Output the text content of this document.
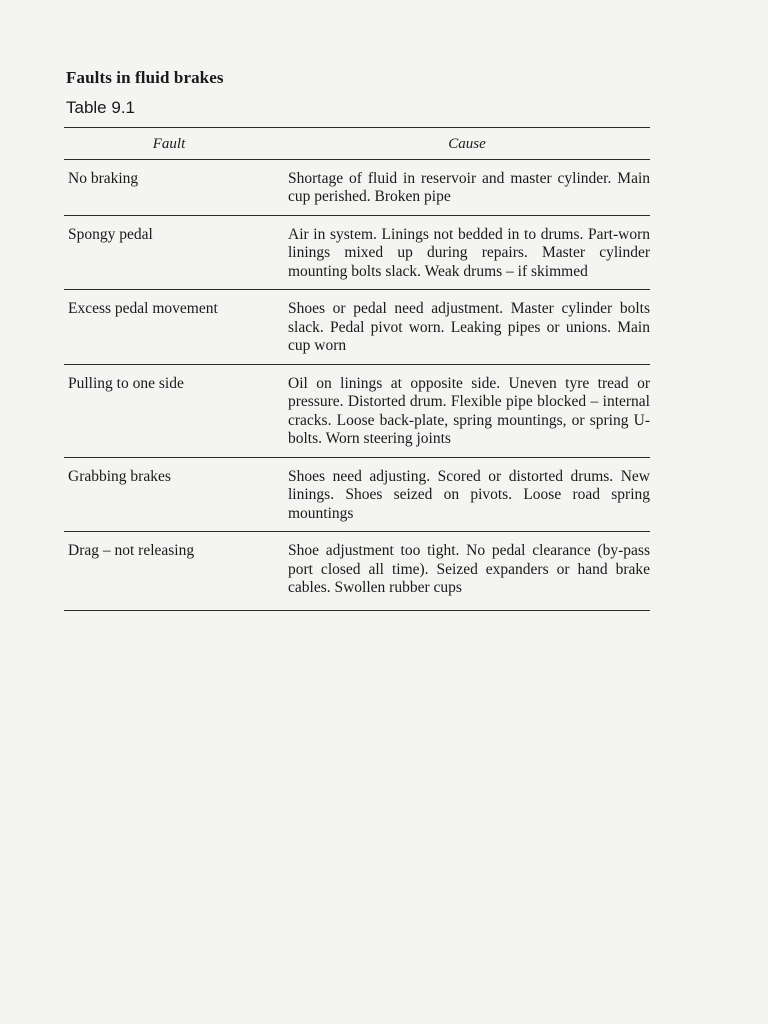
Faults in fluid brakes
Table 9.1
Fault	Cause
No braking	Shortage of fluid in reservoir and master cylinder. Main cup perished. Broken pipe
Spongy pedal	Air in system. Linings not bedded in to drums. Part-worn linings mixed up during repairs. Master cylinder mounting bolts slack. Weak drums – if skimmed
Excess pedal movement	Shoes or pedal need adjustment. Master cylinder bolts slack. Pedal pivot worn. Leaking pipes or unions. Main cup worn
Pulling to one side	Oil on linings at opposite side. Uneven tyre tread or pressure. Distorted drum. Flexible pipe blocked – internal cracks. Loose back-plate, spring mountings, or spring U-bolts. Worn steering joints
Grabbing brakes	Shoes need adjusting. Scored or distorted drums. New linings. Shoes seized on pivots. Loose road spring mountings
Drag – not releasing	Shoe adjustment too tight. No pedal clearance (by-pass port closed all time). Seized expanders or hand brake cables. Swollen rubber cups
